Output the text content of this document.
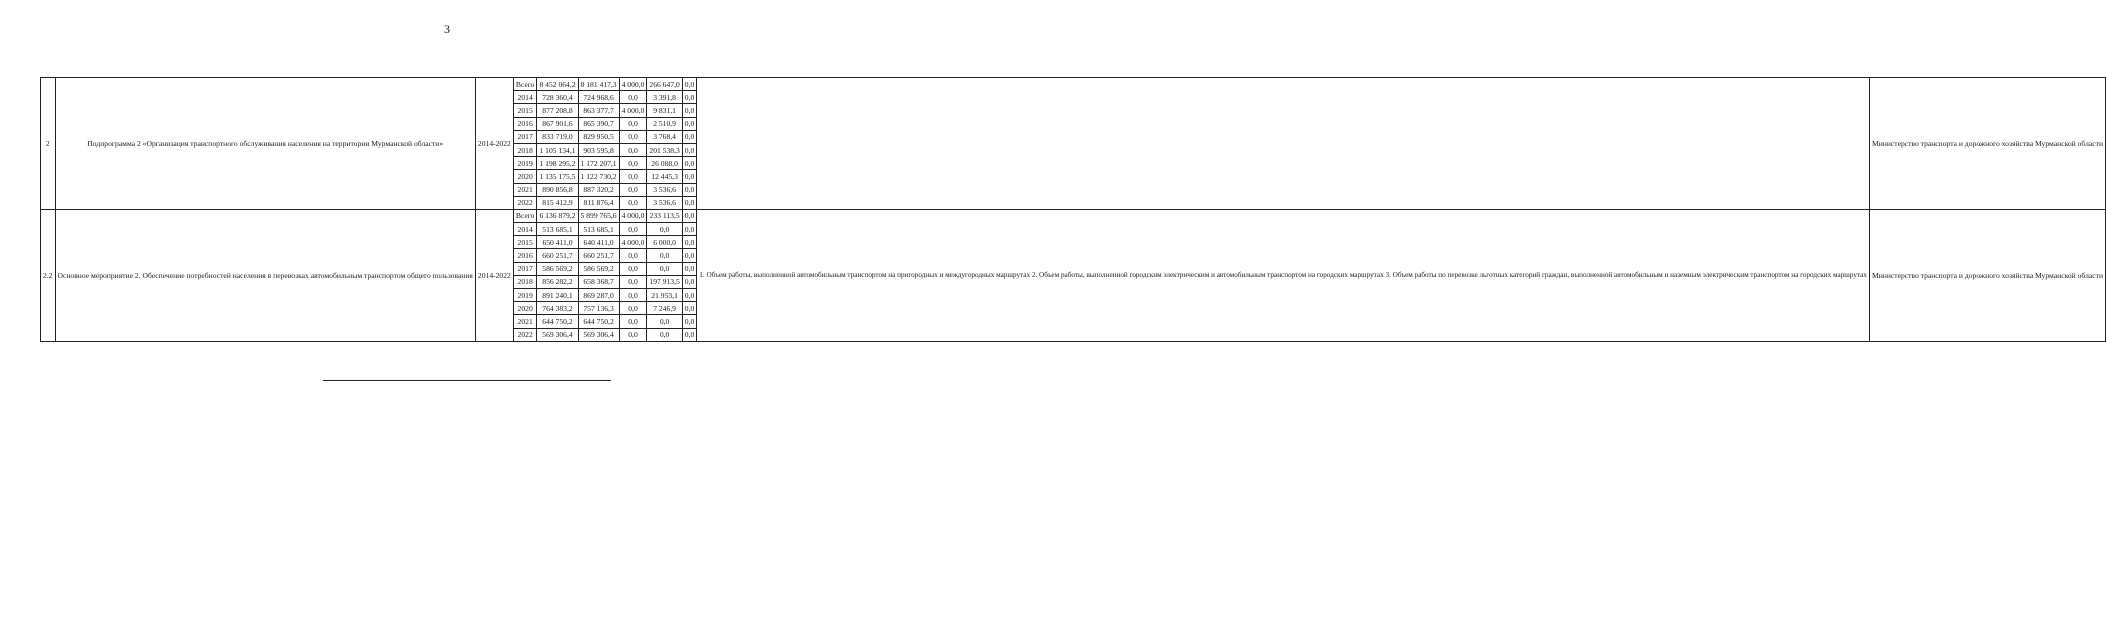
3
2	Подпрограмма 2 «Организация транспортного обслуживания населения на территории Мурманской области»	2014-2022	Всего	8 452 064,2	8 181 417,3	4 000,0	266 647,0	0,0		Министерство транспорта и дорожного хозяйства Мурманской области
			2014	728 360,4	724 968,6	0,0	3 391,8	0,0		
			2015	877 208,8	863 377,7	4 000,0	9 831,1	0,0		
			2016	867 901,6	865 390,7	0,0	2 510,9	0,0		
			2017	833 719,0	829 950,5	0,0	3 768,4	0,0		
			2018	1 105 134,1	903 595,8	0,0	201 538,3	0,0		
			2019	1 198 295,2	1 172 207,1	0,0	26 088,0	0,0		
			2020	1 135 175,5	1 122 730,2	0,0	12 445,3	0,0		
			2021	890 856,8	887 320,2	0,0	3 536,6	0,0		
			2022	815 412,9	811 876,4	0,0	3 536,6	0,0		
2.2	Основное мероприятие 2. Обеспечение потребностей населения в перевозках автомобильным транспортом общего пользования	2014-2022	Всего	6 136 879,2	5 899 765,6	4 000,0	233 113,5	0,0	1. Объем работы, выполненной автомобильным транспортом на пригородных и междугородных маршрутах 2. Объем работы, выполненной городским электрическим и автомобильным транспортом на городских маршрутах 3. Объем работы по перевозке льготных категорий граждан, выполненной автомобильным и наземным электрическим транспортом на городских маршрутах	Министерство транспорта и дорожного хозяйства Мурманской области
			2014	513 685,1	513 685,1	0,0	0,0	0,0		
			2015	650 411,0	640 411,0	4 000,0	6 000,0	0,0		
			2016	660 251,7	660 251,7	0,0	0,0	0,0		
			2017	586 569,2	586 569,2	0,0	0,0	0,0		
			2018	856 282,2	658 368,7	0,0	197 913,5	0,0		
			2019	891 240,1	869 287,0	0,0	21 953,1	0,0		
			2020	764 383,2	757 136,3	0,0	7 246,9	0,0		
			2021	644 750,2	644 750,2	0,0	0,0	0,0		
			2022	569 306,4	569 306,4	0,0	0,0	0,0		
